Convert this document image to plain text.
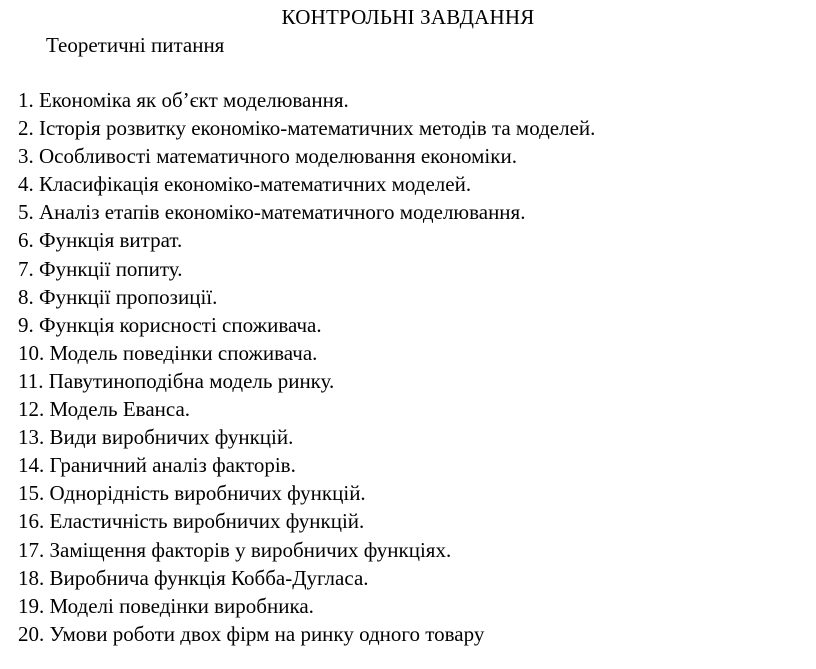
КОНТРОЛЬНІ ЗАВДАННЯ
Теоретичні питання
1. Економіка як об’єкт моделювання.
2. Історія розвитку економіко-математичних методів та моделей.
3. Особливості математичного моделювання економіки.
4. Класифікація економіко-математичних моделей.
5. Аналіз етапів економіко-математичного моделювання.
6. Функція витрат.
7. Функції попиту.
8. Функції пропозиції.
9. Функція корисності споживача.
10. Модель поведінки споживача.
11. Павутиноподібна модель ринку.
12. Модель Еванса.
13. Види виробничих функцій.
14. Граничний аналіз факторів.
15. Однорідність виробничих функцій.
16. Еластичність виробничих функцій.
17. Заміщення факторів у виробничих функціях.
18. Виробнича функція Кобба-Дугласа.
19. Моделі поведінки виробника.
20. Умови роботи двох фірм на ринку одного товару
